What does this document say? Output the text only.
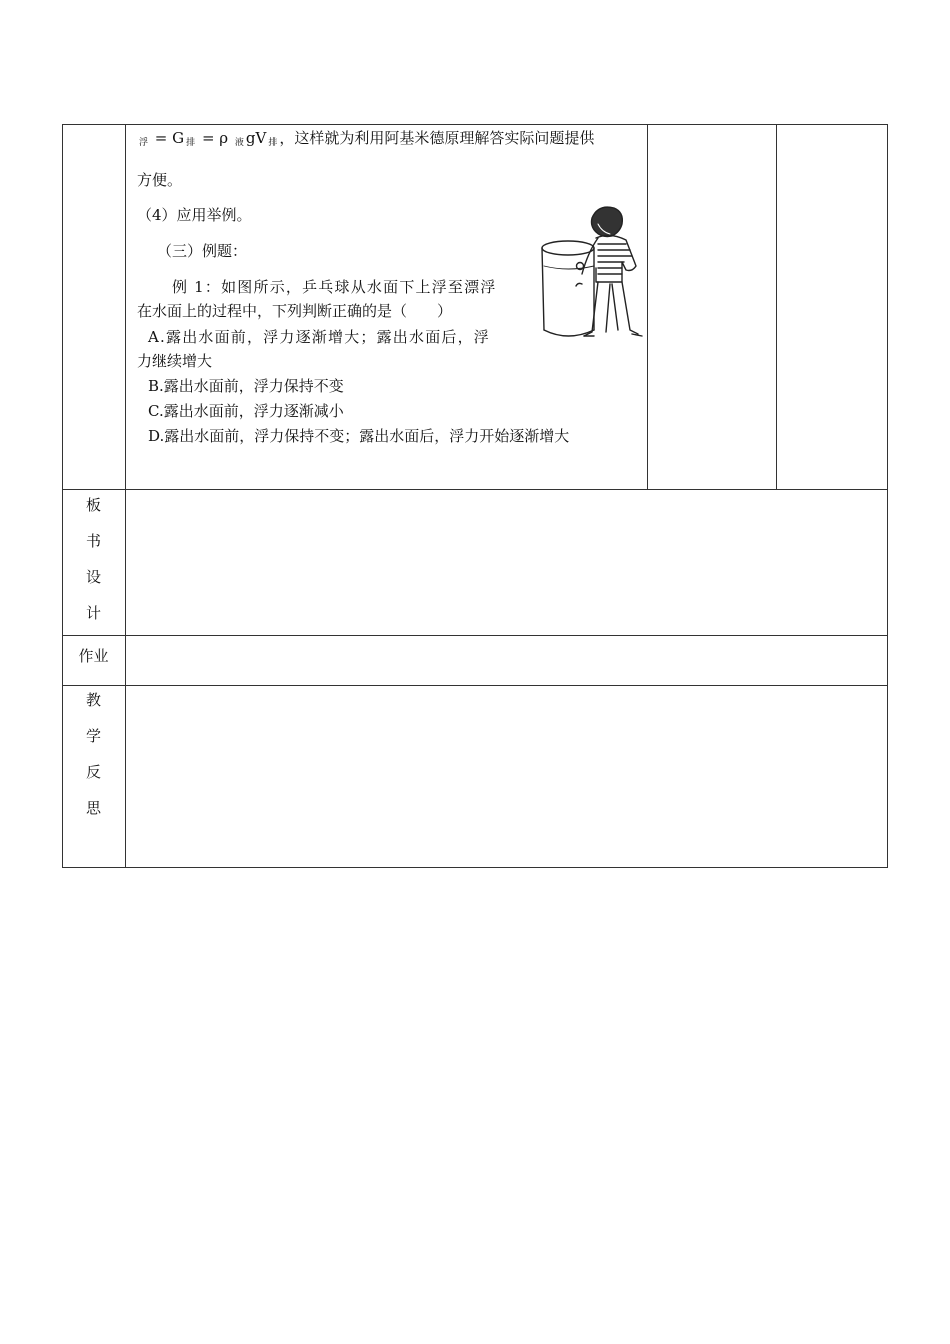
$_浮$ = G $_排$ = ρ $_液$ gV $_排$ ，这样就为利用阿基米德原理解答实际问题提供
方便。
（4）应用举例。
（三）例题：
例 1：如图所示，乒乓球从水面下上浮至漂浮
在水面上的过程中，下列判断正确的是（　　）
A.露出水面前，浮力逐渐增大；露出水面后，浮
力继续增大
B.露出水面前，浮力保持不变
C.露出水面前，浮力逐渐减小
D.露出水面前，浮力保持不变；露出水面后，浮力开始逐渐增大
板
书
设
计
作业
教
学
反
思
